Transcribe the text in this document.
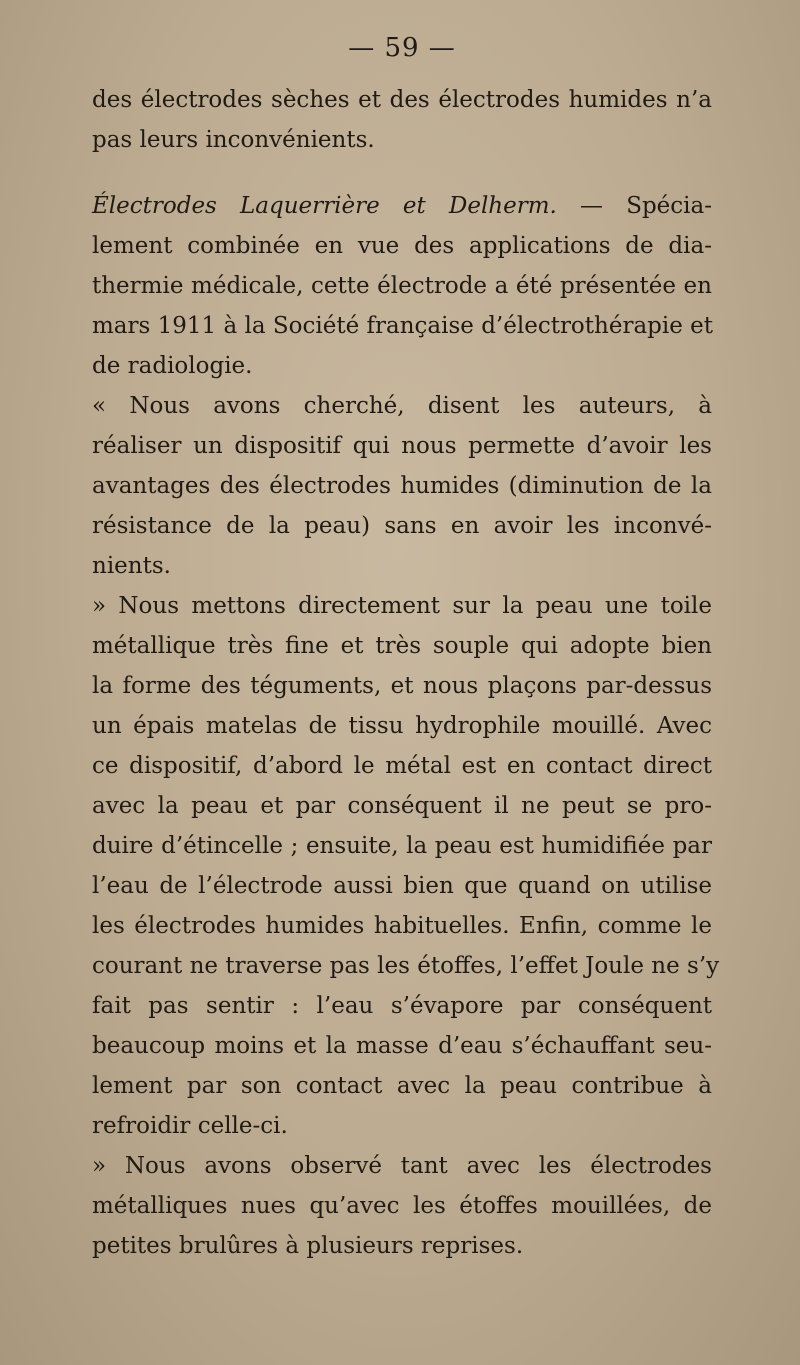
— 59 —
des électrodes sèches et des électrodes humides n’a
pas leurs inconvénients.
Électrodes Laquerrière et Delherm. — Spécia-
lement combinée en vue des applications de dia-
thermie médicale, cette électrode a été présentée en
mars 1911 à la Société française d’électrothérapie et
de radiologie.
« Nous avons cherché, disent les auteurs, à
réaliser un dispositif qui nous permette d’avoir les
avantages des électrodes humides (diminution de la
résistance de la peau) sans en avoir les inconvé-
nients.
» Nous mettons directement sur la peau une toile
métallique très fine et très souple qui adopte bien
la forme des téguments, et nous plaçons par-dessus
un épais matelas de tissu hydrophile mouillé. Avec
ce dispositif, d’abord le métal est en contact direct
avec la peau et par conséquent il ne peut se pro-
duire d’étincelle ; ensuite, la peau est humidifiée par
l’eau de l’électrode aussi bien que quand on utilise
les électrodes humides habituelles. Enfin, comme le
courant ne traverse pas les étoffes, l’effet Joule ne s’y
fait pas sentir : l’eau s’évapore par conséquent
beaucoup moins et la masse d’eau s’échauffant seu-
lement par son contact avec la peau contribue à
refroidir celle-ci.
» Nous avons observé tant avec les électrodes
métalliques nues qu’avec les étoffes mouillées, de
petites brulûres à plusieurs reprises.
